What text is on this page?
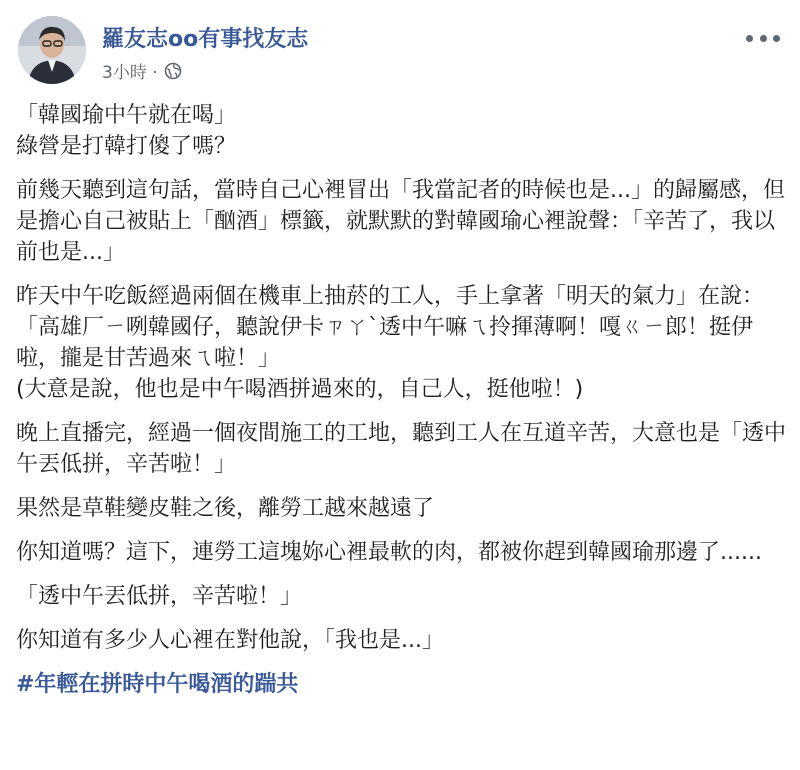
羅友志oo有事找友志
3小時 ·

「韓國瑜中午就在喝」
綠營是打韓打傻了嗎？

前幾天聽到這句話，當時自己心裡冒出「我當記者的時候也是...」的歸屬感，但是擔心自己被貼上「酗酒」標籤，就默默的對韓國瑜心裡說聲：「辛苦了，我以前也是...」

昨天中午吃飯經過兩個在機車上抽菸的工人，手上拿著「明天的氣力」在說：「高雄厂ㄧ咧韓國仔，聽說伊卡ㄗㄚˋ透中午嘛ㄟ拎揮薄啊！嘎ㄍㄧ郎！挺伊啦，攏是甘苦過來ㄟ啦！」
(大意是說，他也是中午喝酒拼過來的，自己人，挺他啦！)

晚上直播完，經過一個夜間施工的工地，聽到工人在互道辛苦，大意也是「透中午丟低拼，辛苦啦！」

果然是草鞋變皮鞋之後，離勞工越來越遠了

你知道嗎？這下，連勞工這塊妳心裡最軟的肉，都被你趕到韓國瑜那邊了......

「透中午丟低拼，辛苦啦！」

你知道有多少人心裡在對他說，「我也是...」

#年輕在拼時中午喝酒的踹共
